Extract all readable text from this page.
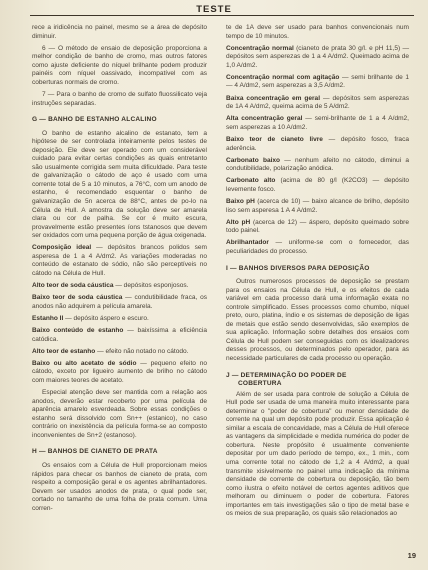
TESTE

rece a iridicência no painel, mesmo se a área de depósito diminuir.

6 — O método de ensaio de deposição proporciona a melhor condição de banho de cromo, mas outros fatores como ajuste deficiente do níquel brilhante podem produzir painéis com níquel oassivado, incompatível com as coberturas normais de cromo.

7 — Para o banho de cromo de sulfato fluossilicato veja instruções separadas.

G — BANHO DE ESTANHO ALCALINO

O banho de estanho alcalino de estanato, tem a hipótese de ser controlada inteiramente pelos testes de deposição. Ele deve ser operado com um considerável cuidado para evitar certas condições as quais entretanto são usualmente corrigida sem muita dificuldade. Para teste de galvanização o cátodo de aço é usado com uma corrente total de 5 a 10 minutos, a 76°C, com um anodo de estanho, é recomendado esquentar o banho de galvanização de 5n acerca de 88°C, antes de po-lo na Célula de Hull. A amostra da solução deve ser amarela clara ou cor de palha. Se cor é muito escura, provavelmente estão presentes íons tstanosos que devem ser oxidados com uma pequena porção de água oxigenada.

Composição ideal — depósitos brancos polidos sem asperesa de 1 a 4 A/dm2. As variações moderadas no conteúdo de estanato de sódio, não são perceptíveis no cátodo na Célula de Hull.

Alto teor de soda cáustica — depósitos esponjosos.

Baixo teor de soda cáustica — condutibilidade fraca, os anodos não adquirem a película amarela.

Estanho II — depósito áspero e escuro.

Baixo conteúdo de estanho — baixíssima a eficiência catódica.

Alto teor de estanho — efeito não notado no cátodo.

Baixo ou alto acetato de sódio — pequeno efeito no cátodo, exceto por ligueiro aumento de brilho no cátodo com maiores teores de acetato.

Especial atenção deve ser mantida com a relação aos anodos, deverão estar recoberto por uma película de aparência amarelo esverdeada. Sobre essas condições o estanho será dissolvido com Sn++ (estanico), no caso contrário on inexistência da película forma-se ao composto inconvenientes de Sn+2 (estanoso).

H — BANHOS DE CIANETO DE PRATA

Os ensaios com a Célula de Hull proporcionam meios rápidos para checar os banhos de cianeto de prata, com respeito a composição geral e os agentes abrilhantadores. Devem ser usados anodos de prata, o qual pode ser, cortado no tamanho de uma folha de prata comum. Uma corren-

te de 1A deve ser usado para banhos convencionais num tempo de 10 minutos.

Concentração normal (cianeto de prata 30 g/l. e pH 11,5) — depósitos sem asperezas de 1 a 4 A/dm2. Queimado acima de 1,0 A/dm2.

Concentração normal com agitação — semi brilhante de 1 — 4 A/dm2, sem asperezas a 3,5 A/dm2.

Baixa concentração em geral — depósitos sem asperezas de 1A 4 A/dm2, queima acima de 5 A/dm2.

Alta concentração geral — semi-brilhante de 1 a 4 A/dm2, sem asperezas a 10 A/dm2.

Baixo teor de cianeto livre — depósito fosco, fraca aderência.

Carbonato baixo — nenhum afeito no cátodo, diminui a condutibilidade, polarização anódica.

Carbonato alto (acima de 80 g/l (K2CO3) — depósito levemente fosco.

Baixo pH (acerca de 10) — baixo alcance de brilho, depósito liso sem asperesa 1 A 4 A/dm2.

Alto pH (acerca de 12) — áspero, depósito queimado sobre todo painel.

Abrilhantador — uniforme-se com o fornecedor, das peculiaridades do processo.

I — BANHOS DIVERSOS PARA DEPOSIÇÃO

Outros numerosos processos de deposição se prestam para os ensaios na Célula de Hull, e os efeitos de cada variável em cada processo dará uma informação exata no controle simplificado. Esses processos como chumbo, níquel preto, ouro, platina, índio e os sistemas de deposição de ligas de metais que estão sendo desenvolvidas, são exemplos de sua aplicação. Informação sobre detalhes dos ensaios com Célula de Hull podem ser conseguidas com os idealizadores desses processos, ou determinados pelo operador, para as necessidade particulares de cada processo ou operação.

J — DETERMINAÇÃO DO PODER DE
COBERTURA

Além de ser usada para controle de solução a Célula de Hull pode ser usada de uma maneira muito interessante para determinar o "poder de cobertura" ou menor densidade de corrente na qual um depósito pode produzir. Essa aplicação é similar a escala de concavidade, mas a Célula de Hull oferece as vantagens da simplicidade e medida numérica do poder de cobertura. Neste propósito é usualmente conveniente depositar por um dado período de tempo, ex., 1 min., com uma corrente total no cátodo de 1,2 a 4 A/dm2, a qual transmite xisivelmente no painel uma indicação da mínima densidade de corrente de cobertura ou deposição, tão bem como ilustra o efeito notável de certos agentes aditivos que melhoram ou diminuem o poder de cobertura. Fatores importantes em tais investigações são o tipo de metal base e os meios de sua preparação, os quais são relacionados ao

19
